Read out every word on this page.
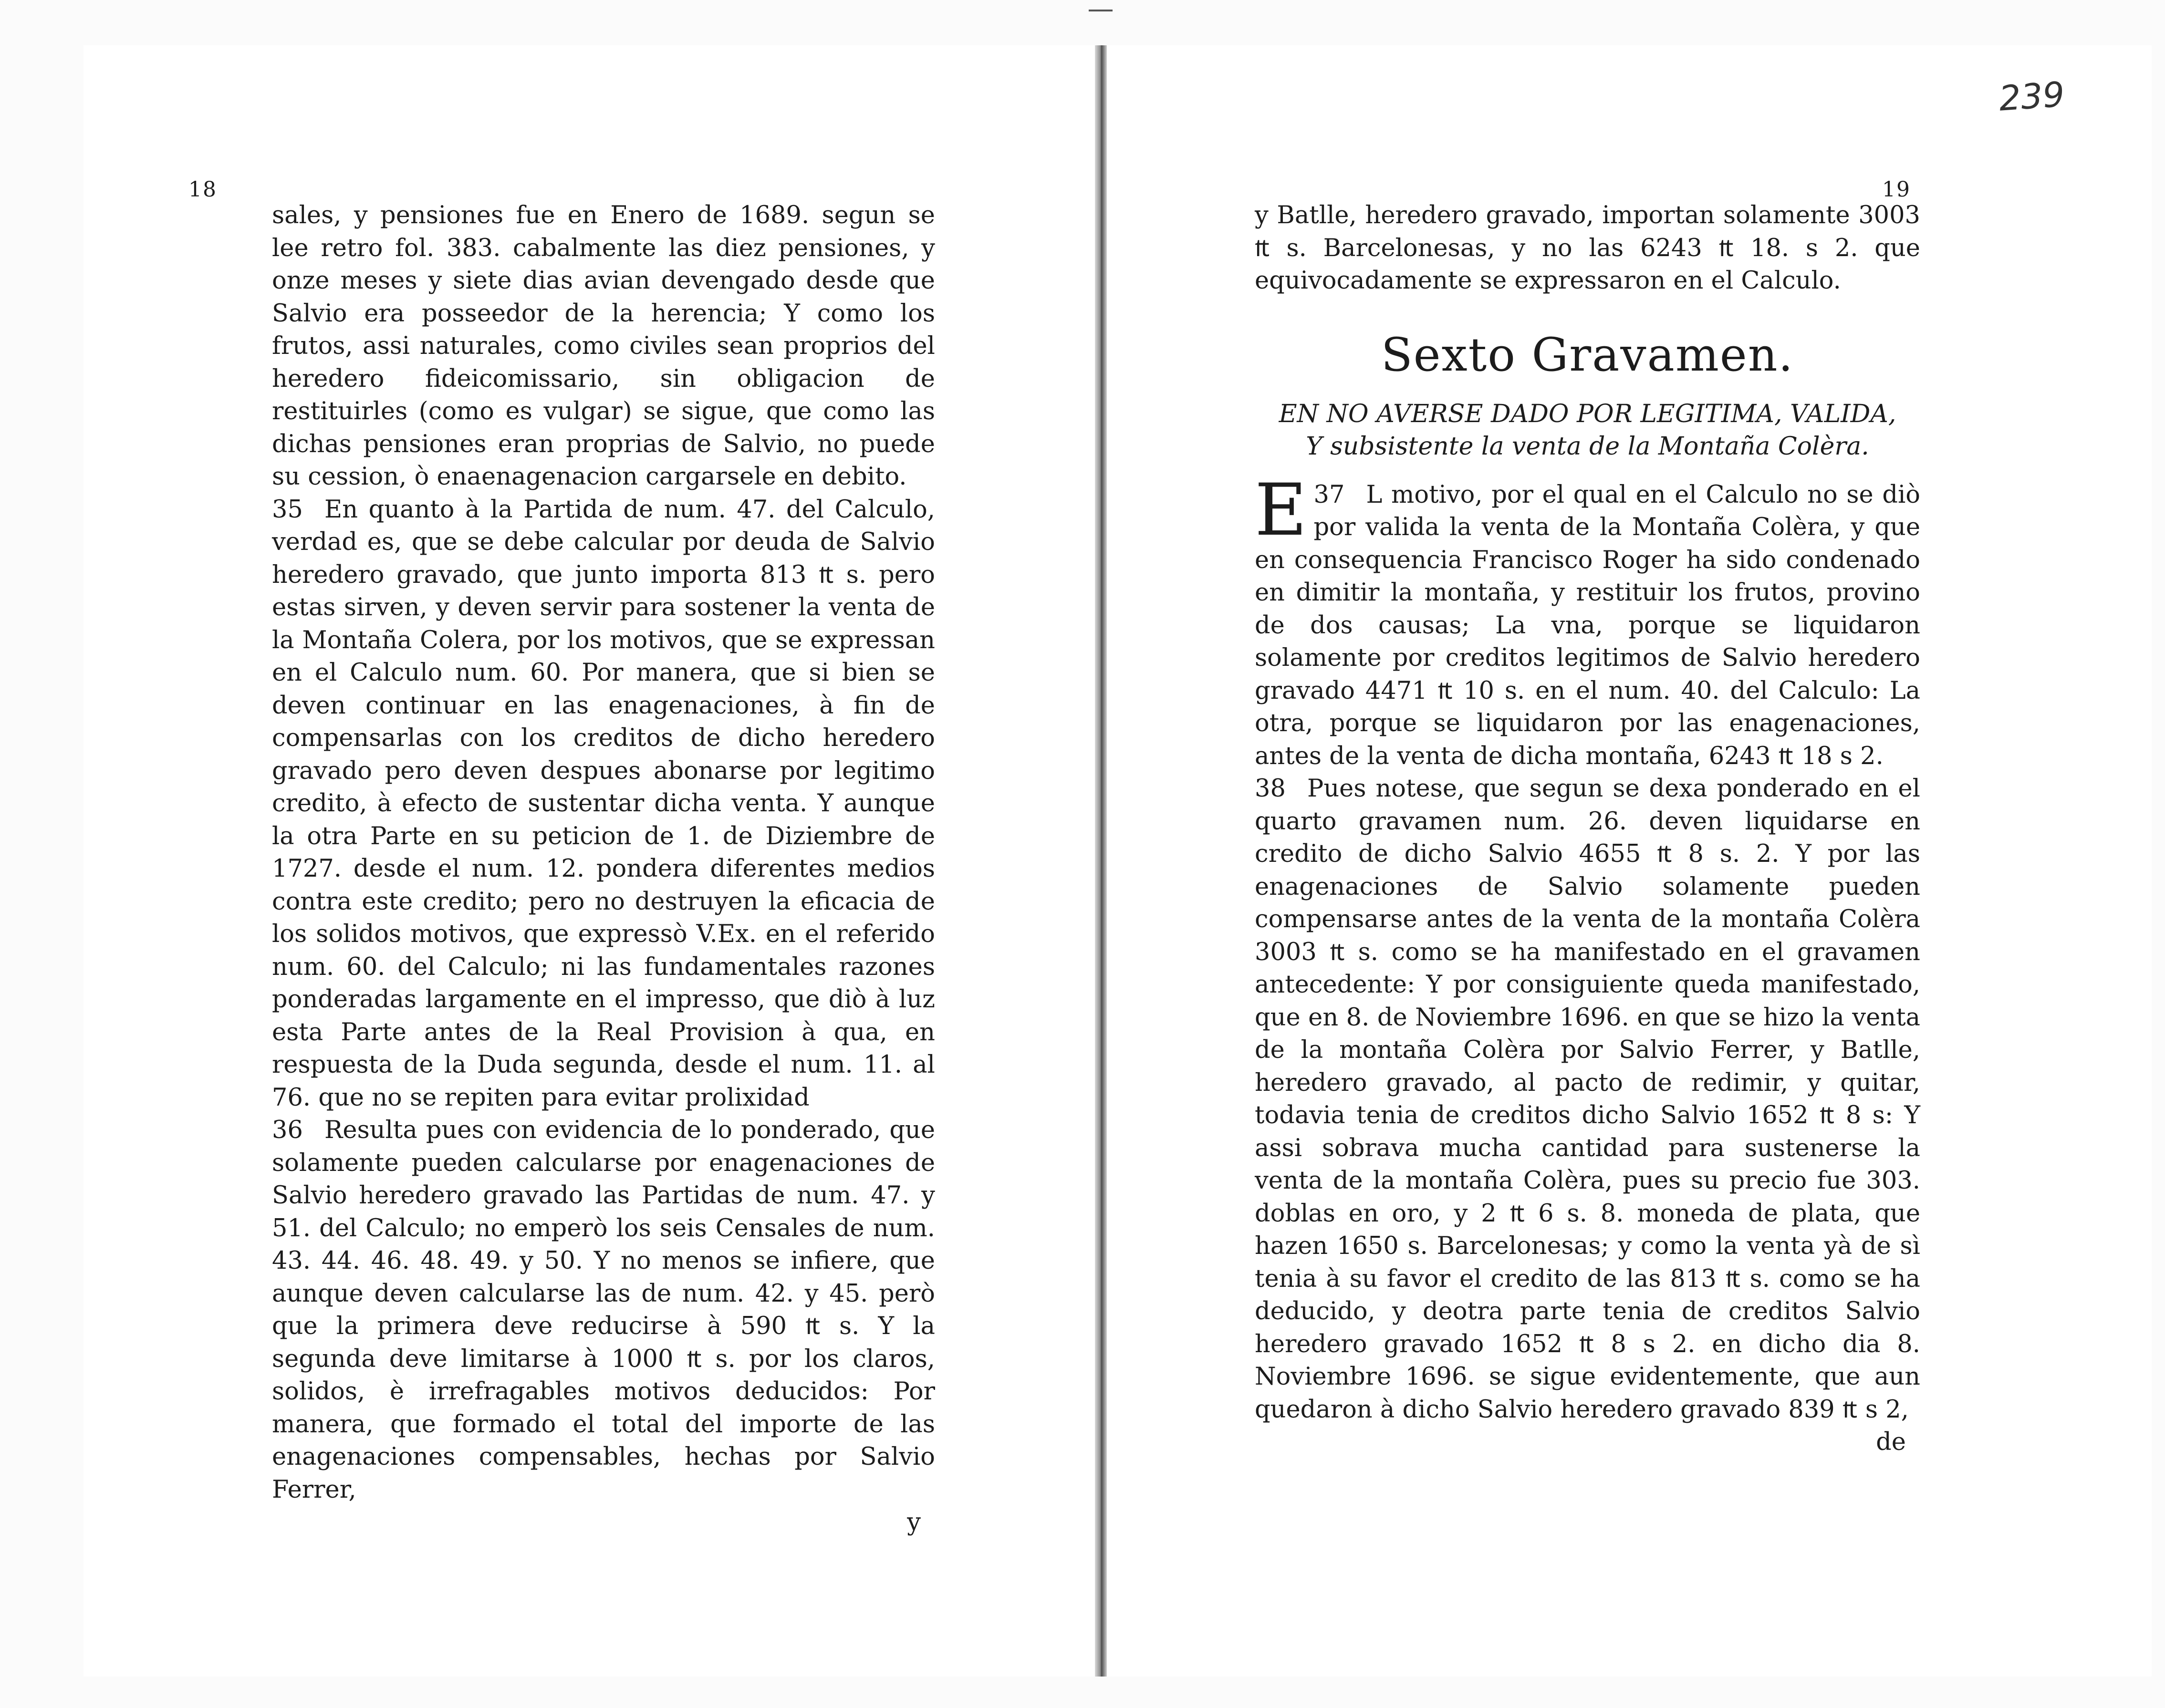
239
18	19

sales, y pensiones fue en Enero de 1689. segun se lee retro fol. 383. cabalmente las diez pensiones, y onze meses y siete dias avian devengado desde que Salvio era posseedor de la herencia; Y como los frutos, assi naturales, como civiles sean proprios del heredero fideicomissario, sin obligacion de restituirles (como es vulgar) se sigue, que como las dichas pensiones eran proprias de Salvio, no puede su cession, ò enaenagenacion cargarsele en debito.

35 En quanto à la Partida de num. 47. del Calculo, verdad es, que se debe calcular por deuda de Salvio heredero gravado, que junto importa 813 ₶ s. pero estas sirven, y deven servir para sostener la venta de la Montaña Colera, por los motivos, que se expressan en el Calculo num. 60. Por manera, que si bien se deven continuar en las enagenaciones, à fin de compensarlas con los creditos de dicho heredero gravado pero deven despues abonarse por legitimo credito, à efecto de sustentar dicha venta. Y aunque la otra Parte en su peticion de 1. de Diziembre de 1727. desde el num. 12. pondera diferentes medios contra este credito; pero no destruyen la eficacia de los solidos motivos, que expressò V.Ex. en el referido num. 60. del Calculo; ni las fundamentales razones ponderadas largamente en el impresso, que diò à luz esta Parte antes de la Real Provision à qua, en respuesta de la Duda segunda, desde el num. 11. al 76. que no se repiten para evitar prolixidad

36 Resulta pues con evidencia de lo ponderado, que solamente pueden calcularse por enagenaciones de Salvio heredero gravado las Partidas de num. 47. y 51. del Calculo; no emperò los seis Censales de num. 43. 44. 46. 48. 49. y 50. Y no menos se infiere, que aunque deven calcularse las de num. 42. y 45. però que la primera deve reducirse à 590 ₶ s. Y la segunda deve limitarse à 1000 ₶ s. por los claros, solidos, è irrefragables motivos deducidos: Por manera, que formado el total del importe de las enagenaciones compensables, hechas por Salvio Ferrer,

y

y Batlle, heredero gravado, importan solamente 3003 ₶ s. Barcelonesas, y no las 6243 ₶ 18. s 2. que equivocadamente se expressaron en el Calculo.

Sexto Gravamen.
EN NO AVERSE DADO POR LEGITIMA, VALIDA, Y subsistente la venta de la Montaña Colèra.

37
E L motivo, por el qual en el Calculo no se diò por valida la venta de la Montaña Colèra, y que en consequencia Francisco Roger ha sido condenado en dimitir la montaña, y restituir los frutos, provino de dos causas; La vna, porque se liquidaron solamente por creditos legitimos de Salvio heredero gravado 4471 ₶ 10 s. en el num. 40. del Calculo: La otra, porque se liquidaron por las enagenaciones, antes de la venta de dicha montaña, 6243 ₶ 18 s 2.

38 Pues notese, que segun se dexa ponderado en el quarto gravamen num. 26. deven liquidarse en credito de dicho Salvio 4655 ₶ 8 s. 2. Y por las enagenaciones de Salvio solamente pueden compensarse antes de la venta de la montaña Colèra 3003 ₶ s. como se ha manifestado en el gravamen antecedente: Y por consiguiente queda manifestado, que en 8. de Noviembre 1696. en que se hizo la venta de la montaña Colèra por Salvio Ferrer, y Batlle, heredero gravado, al pacto de redimir, y quitar, todavia tenia de creditos dicho Salvio 1652 ₶ 8 s: Y assi sobrava mucha cantidad para sustenerse la venta de la montaña Colèra, pues su precio fue 303. doblas en oro, y 2 ₶ 6 s. 8. moneda de plata, que hazen 1650 s. Barcelonesas; y como la venta yà de sì tenia à su favor el credito de las 813 ₶ s. como se ha deducido, y deotra parte tenia de creditos Salvio heredero gravado 1652 ₶ 8 s 2. en dicho dia 8. Noviembre 1696. se sigue evidentemente, que aun quedaron à dicho Salvio heredero gravado 839 ₶ s 2,

de
